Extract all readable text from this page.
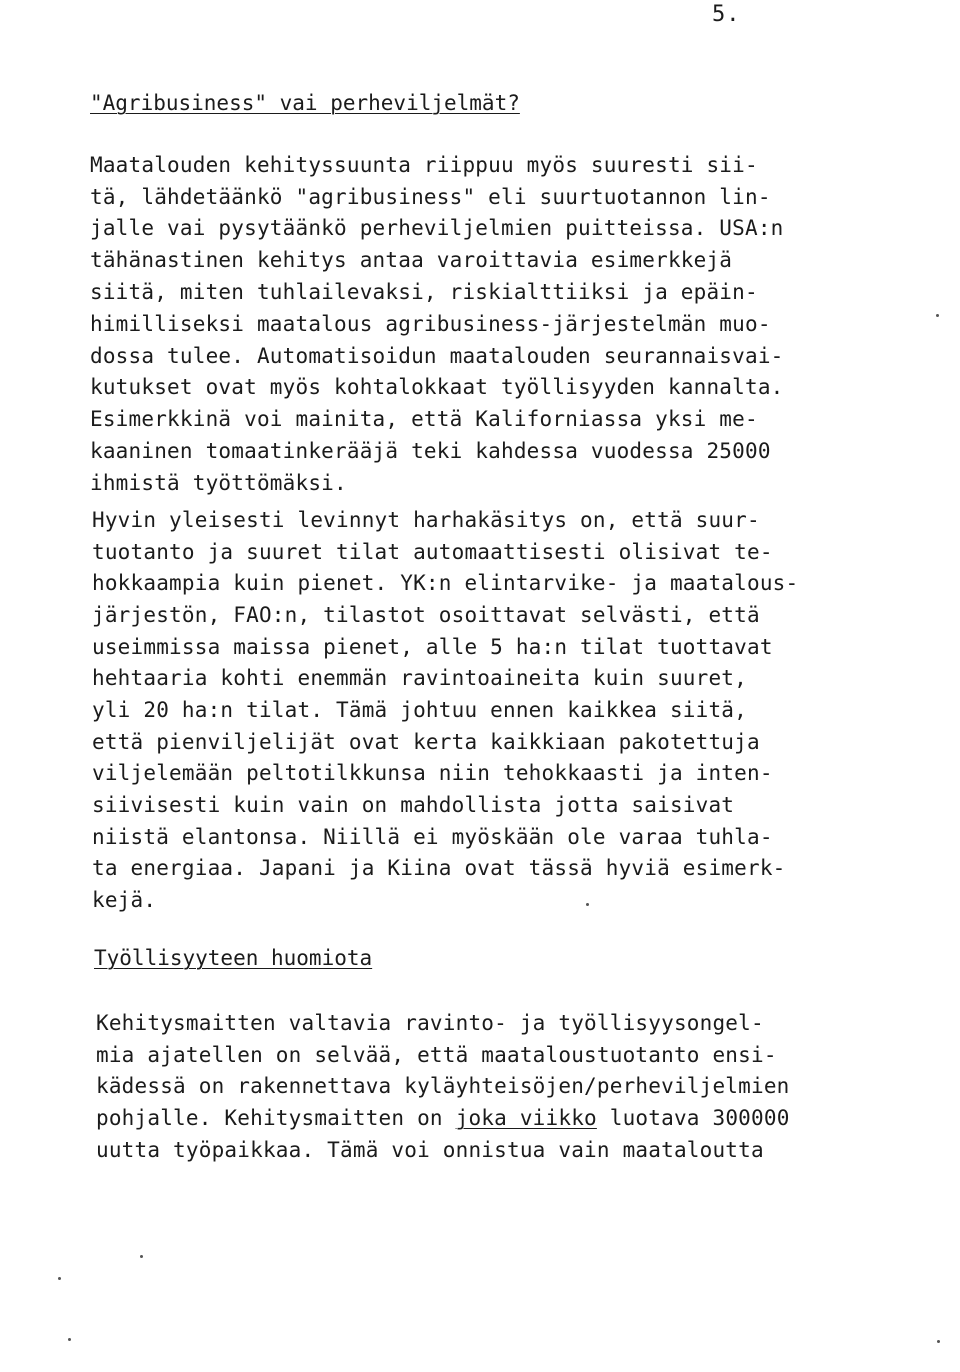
5.
"Agribusiness" vai perheviljelmät?
Maatalouden kehityssuunta riippuu myös suuresti sii-
tä, lähdetäänkö "agribusiness" eli suurtuotannon lin-
jalle vai pysytäänkö perheviljelmien puitteissa. USA:n
tähänastinen kehitys antaa varoittavia esimerkkejä
siitä, miten tuhlailevaksi, riskialttiiksi ja epäin-
himilliseksi maatalous agribusiness-järjestelmän muo-
dossa tulee. Automatisoidun maatalouden seurannaisvai-
kutukset ovat myös kohtalokkaat työllisyyden kannalta.
Esimerkkinä voi mainita, että Kaliforniassa yksi me-
kaaninen tomaatinkerääjä teki kahdessa vuodessa 25000
ihmistä työttömäksi.
Hyvin yleisesti levinnyt harhakäsitys on, että suur-
tuotanto ja suuret tilat automaattisesti olisivat te-
hokkaampia kuin pienet. YK:n elintarvike- ja maatalous-
järjestön, FAO:n, tilastot osoittavat selvästi, että
useimmissa maissa pienet, alle 5 ha:n tilat tuottavat
hehtaaria kohti enemmän ravintoaineita kuin suuret,
yli 20 ha:n tilat. Tämä johtuu ennen kaikkea siitä,
että pienviljelijät ovat kerta kaikkiaan pakotettuja
viljelemään peltotilkkunsa niin tehokkaasti ja inten-
siivisesti kuin vain on mahdollista jotta saisivat
niistä elantonsa. Niillä ei myöskään ole varaa tuhla-
ta energiaa. Japani ja Kiina ovat tässä hyviä esimerk-
kejä.
Työllisyyteen huomiota
Kehitysmaitten valtavia ravinto- ja työllisyysongel-
mia ajatellen on selvää, että maataloustuotanto ensi-
kädessä on rakennettava kyläyhteisöjen/perheviljelmien
pohjalle. Kehitysmaitten on joka viikko luotava 300000
uutta työpaikkaa. Tämä voi onnistua vain maataloutta
